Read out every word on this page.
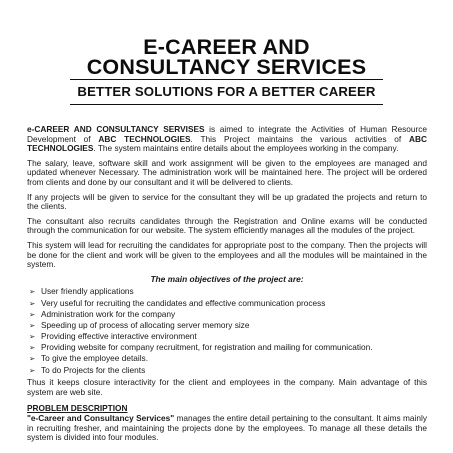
E-CAREER AND
CONSULTANCY SERVICES
BETTER SOLUTIONS FOR A BETTER CAREER

e-CAREER AND CONSULTANCY SERVISES is aimed to integrate the Activities of Human Resource Development of ABC TECHNOLOGIES. This Project maintains the various activities of ABC TECHNOLOGIES. The system maintains entire details about the employees working in the company.

The salary, leave, software skill and work assignment will be given to the employees are managed and updated whenever Necessary. The administration work will be maintained here. The project will be ordered from clients and done by our consultant and it will be delivered to clients.

If any projects will be given to service for the consultant they will be up gradated the projects and return to the clients.

The consultant also recruits candidates through the Registration and Online exams will be conducted through the communication for our website. The system efficiently manages all the modules of the project.

This system will lead for recruiting the candidates for appropriate post to the company. Then the projects will be done for the client and work will be given to the employees and all the modules will be maintained in the system.

The main objectives of the project are:
➢ User friendly applications
➢ Very useful for recruiting the candidates and effective communication process
➢ Administration work for the company
➢ Speeding up of process of allocating server memory size
➢ Providing effective interactive environment
➢ Providing website for company recruitment, for registration and mailing for communication.
➢ To give the employee details.
➢ To do Projects for the clients

Thus it keeps closure interactivity for the client and employees in the company. Main advantage of this system are web site.

PROBLEM DESCRIPTION

"e-Career and Consultancy Services" manages the entire detail pertaining to the consultant. It aims mainly in recruiting fresher, and maintaining the projects done by the employees. To manage all these details the system is divided into four modules.
